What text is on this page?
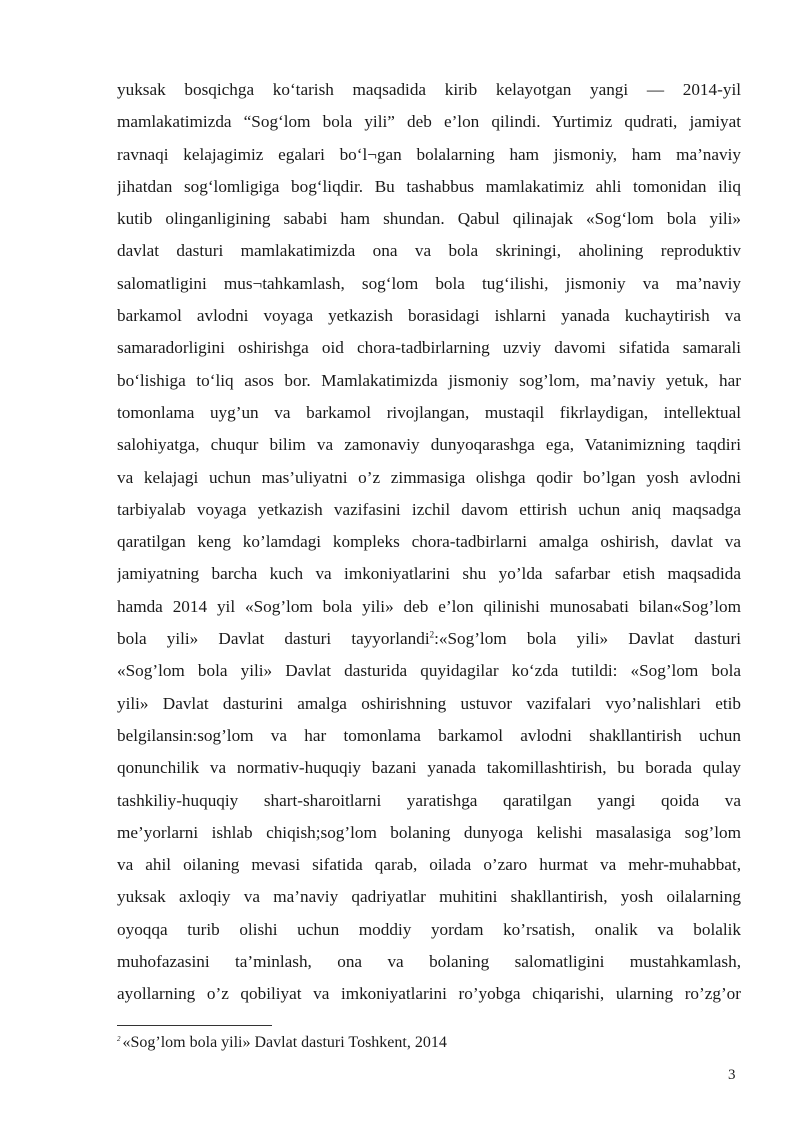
yuksak bosqichga ko‘tarish maqsadida kirib kelayotgan yangi — 2014-yil
mamlakatimizda “Sog‘lom bola yili” deb e’lon qilindi. Yurtimiz qudrati, jamiyat
ravnaqi kelajagimiz egalari bo‘l¬gan bolalarning ham jismoniy, ham ma’naviy
jihatdan sog‘lomligiga bog‘liqdir. Bu tashabbus mamlakatimiz ahli tomonidan iliq
kutib olinganligining sababi ham shundan. Qabul qilinajak «Sog‘lom bola yili»
davlat dasturi mamlakatimizda ona va bola skriningi, aholining reproduktiv
salomatligini mus¬tahkamlash, sog‘lom bola tug‘ilishi, jismoniy va ma’naviy
barkamol avlodni voyaga yetkazish borasidagi ishlarni yanada kuchaytirish va
samaradorligini oshirishga oid chora-tadbirlarning uzviy davomi sifatida samarali
bo‘lishiga to‘liq asos bor. Mamlakatimizda jismoniy sog’lom, ma’naviy yetuk, har
tomonlama uyg’un va barkamol rivojlangan, mustaqil fikrlaydigan, intellektual
salohiyatga, chuqur bilim va zamonaviy dunyoqarashga ega, Vatanimizning taqdiri
va kelajagi uchun mas’uliyatni o’z zimmasiga olishga qodir bo’lgan yosh avlodni
tarbiyalab voyaga yetkazish vazifasini izchil davom ettirish uchun aniq maqsadga
qaratilgan keng ko’lamdagi kompleks chora-tadbirlarni amalga oshirish, davlat va
jamiyatning barcha kuch va imkoniyatlarini shu yo’lda safarbar etish maqsadida
hamda 2014 yil «Sog’lom bola yili» deb e’lon qilinishi munosabati bilan«Sog’lom
bola yili» Davlat dasturi tayyorlandi$^2$:«Sog’lom bola yili» Davlat dasturi
«Sog’lom bola yili» Davlat dasturida quyidagilar ko‘zda tutildi: «Sog’lom bola
yili» Davlat dasturini amalga oshirishning ustuvor vazifalari vyo’nalishlari etib
belgilansin:sog’lom va har tomonlama barkamol avlodni shakllantirish uchun
qonunchilik va normativ-huquqiy bazani yanada takomillashtirish, bu borada qulay
tashkiliy-huquqiy shart-sharoitlarni yaratishga qaratilgan yangi qoida va
me’yorlarni ishlab chiqish;sog’lom bolaning dunyoga kelishi masalasiga sog’lom
va ahil oilaning mevasi sifatida qarab, oilada o’zaro hurmat va mehr-muhabbat,
yuksak axloqiy va ma’naviy qadriyatlar muhitini shakllantirish, yosh oilalarning
oyoqqa turib olishi uchun moddiy yordam ko’rsatish, onalik va bolalik
muhofazasini ta’minlash, ona va bolaning salomatligini mustahkamlash,
ayollarning o’z qobiliyat va imkoniyatlarini ro’yobga chiqarishi, ularning ro’zg’or
$^2$ «Sog’lom bola yili» Davlat dasturi Toshkent, 2014
3
